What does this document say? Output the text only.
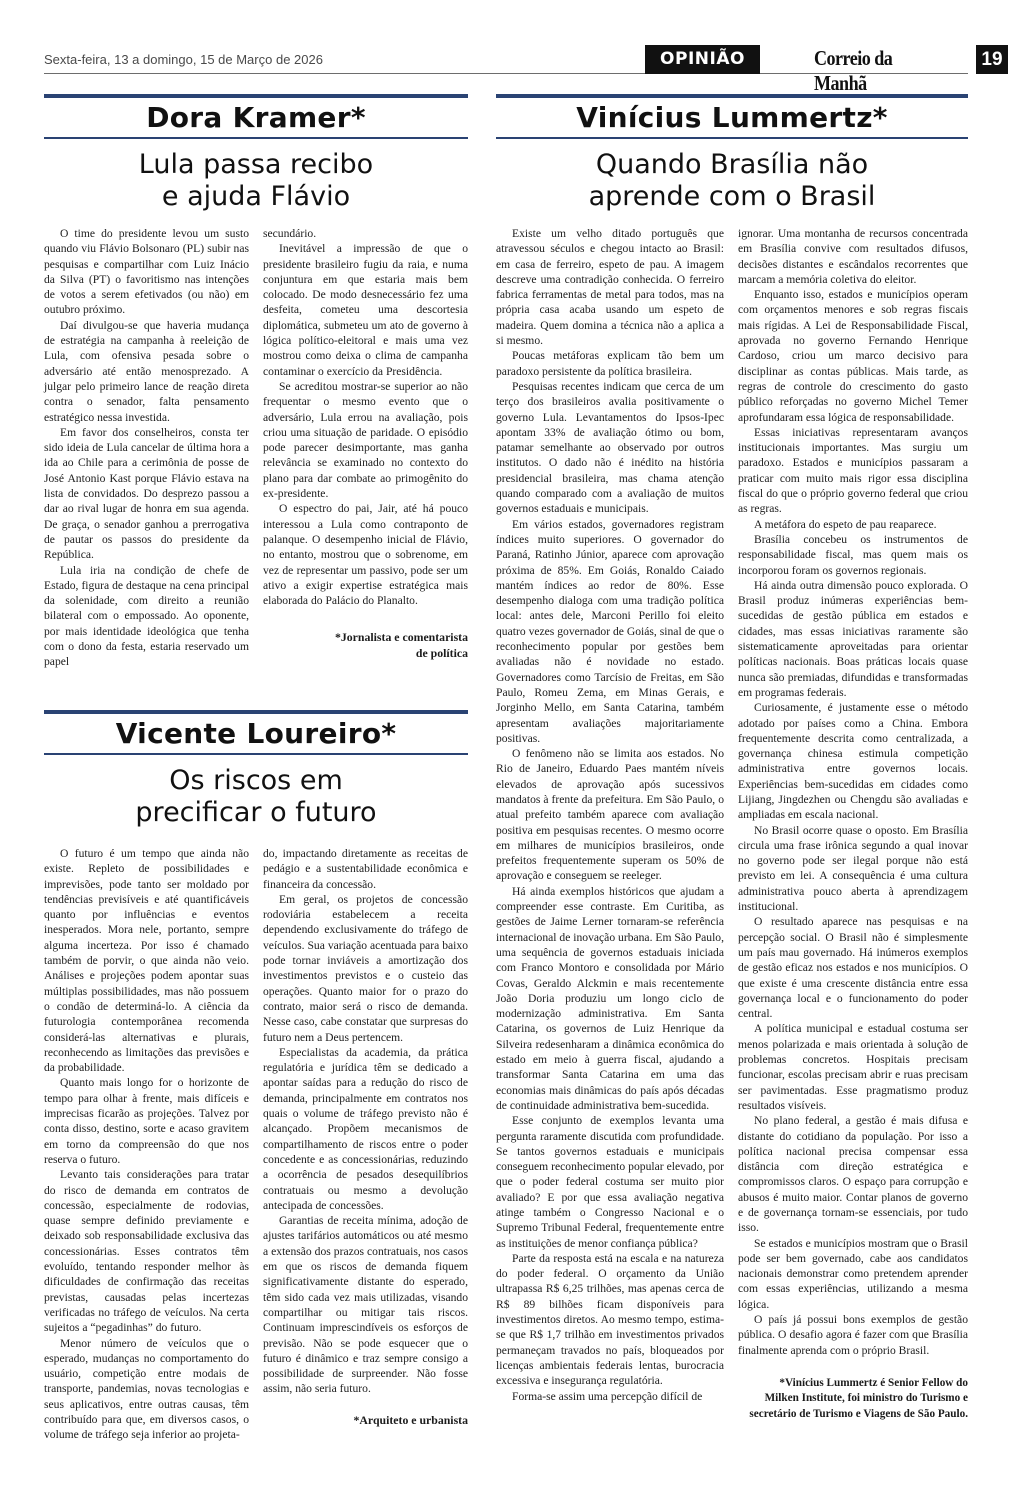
Sexta-feira, 13 a domingo, 15 de Março de 2026	OPINIÃO	Correio da Manhã
19
Dora Kramer*
Lula passa recibo
e ajuda Flávio

O time do presidente levou um susto quando viu Flávio Bolsonaro (PL) subir nas pesquisas e compartilhar com Luiz Inácio da Silva (PT) o favoritismo nas intenções de votos a serem efetivados (ou não) em outubro próximo.

Daí divulgou-se que haveria mudança de estratégia na campanha à reeleição de Lula, com ofensiva pesada sobre o adversário até então menosprezado. A julgar pelo primeiro lance de reação direta contra o senador, falta pensamento estratégico nessa investida.

Em favor dos conselheiros, consta ter sido ideia de Lula cancelar de última hora a ida ao Chile para a cerimônia de posse de José Antonio Kast porque Flávio estava na lista de convidados. Do desprezo passou a dar ao rival lugar de honra em sua agenda. De graça, o senador ganhou a prerrogativa de pautar os passos do presidente da República.

Lula iria na condição de chefe de Estado, figura de destaque na cena principal da solenidade, com direito a reunião bilateral com o empossado. Ao oponente, por mais identidade ideológica que tenha com o dono da festa, estaria reservado um papel

secundário.

Inevitável a impressão de que o presidente brasileiro fugiu da raia, e numa conjuntura em que estaria mais bem colocado. De modo desnecessário fez uma desfeita, cometeu uma descortesia diplomática, submeteu um ato de governo à lógica político-eleitoral e mais uma vez mostrou como deixa o clima de campanha contaminar o exercício da Presidência.

Se acreditou mostrar-se superior ao não frequentar o mesmo evento que o adversário, Lula errou na avaliação, pois criou uma situação de paridade. O episódio pode parecer desimportante, mas ganha relevância se examinado no contexto do plano para dar combate ao primogênito do ex-presidente.

O espectro do pai, Jair, até há pouco interessou a Lula como contraponto de palanque. O desempenho inicial de Flávio, no entanto, mostrou que o sobrenome, em vez de representar um passivo, pode ser um ativo a exigir expertise estratégica mais elaborada do Palácio do Planalto.

*Jornalista e comentarista
de política
Vicente Loureiro*
Os riscos em
precificar o futuro

O futuro é um tempo que ainda não existe. Repleto de possibilidades e imprevisões, pode tanto ser moldado por tendências previsíveis e até quantificáveis quanto por influências e eventos inesperados. Mora nele, portanto, sempre alguma incerteza. Por isso é chamado também de porvir, o que ainda não veio. Análises e projeções podem apontar suas múltiplas possibilidades, mas não possuem o condão de determiná-lo. A ciência da futurologia contemporânea recomenda considerá-las alternativas e plurais, reconhecendo as limitações das previsões e da probabilidade.

Quanto mais longo for o horizonte de tempo para olhar à frente, mais difíceis e imprecisas ficarão as projeções. Talvez por conta disso, destino, sorte e acaso gravitem em torno da compreensão do que nos reserva o futuro.

Levanto tais considerações para tratar do risco de demanda em contratos de concessão, especialmente de rodovias, quase sempre definido previamente e deixado sob responsabilidade exclusiva das concessionárias. Esses contratos têm evoluído, tentando responder melhor às dificuldades de confirmação das receitas previstas, causadas pelas incertezas verificadas no tráfego de veículos. Na certa sujeitos a “pegadinhas” do futuro.

Menor número de veículos que o esperado, mudanças no comportamento do usuário, competição entre modais de transporte, pandemias, novas tecnologias e seus aplicativos, entre outras causas, têm contribuído para que, em diversos casos, o volume de tráfego seja inferior ao projeta-

do, impactando diretamente as receitas de pedágio e a sustentabilidade econômica e financeira da concessão.

Em geral, os projetos de concessão rodoviária estabelecem a receita dependendo exclusivamente do tráfego de veículos. Sua variação acentuada para baixo pode tornar inviáveis a amortização dos investimentos previstos e o custeio das operações. Quanto maior for o prazo do contrato, maior será o risco de demanda. Nesse caso, cabe constatar que surpresas do futuro nem a Deus pertencem.

Especialistas da academia, da prática regulatória e jurídica têm se dedicado a apontar saídas para a redução do risco de demanda, principalmente em contratos nos quais o volume de tráfego previsto não é alcançado. Propõem mecanismos de compartilhamento de riscos entre o poder concedente e as concessionárias, reduzindo a ocorrência de pesados desequilíbrios contratuais ou mesmo a devolução antecipada de concessões.

Garantias de receita mínima, adoção de ajustes tarifários automáticos ou até mesmo a extensão dos prazos contratuais, nos casos em que os riscos de demanda fiquem significativamente distante do esperado, têm sido cada vez mais utilizadas, visando compartilhar ou mitigar tais riscos. Continuam imprescindíveis os esforços de previsão. Não se pode esquecer que o futuro é dinâmico e traz sempre consigo a possibilidade de surpreender. Não fosse assim, não seria futuro.

*Arquiteto e urbanista
Vinícius Lummertz*
Quando Brasília não
aprende com o Brasil

Existe um velho ditado português que atravessou séculos e chegou intacto ao Brasil: em casa de ferreiro, espeto de pau. A imagem descreve uma contradição conhecida. O ferreiro fabrica ferramentas de metal para todos, mas na própria casa acaba usando um espeto de madeira. Quem domina a técnica não a aplica a si mesmo.

Poucas metáforas explicam tão bem um paradoxo persistente da política brasileira.

Pesquisas recentes indicam que cerca de um terço dos brasileiros avalia positivamente o governo Lula. Levantamentos do Ipsos-Ipec apontam 33% de avaliação ótimo ou bom, patamar semelhante ao observado por outros institutos. O dado não é inédito na história presidencial brasileira, mas chama atenção quando comparado com a avaliação de muitos governos estaduais e municipais.

Em vários estados, governadores registram índices muito superiores. O governador do Paraná, Ratinho Júnior, aparece com aprovação próxima de 85%. Em Goiás, Ronaldo Caiado mantém índices ao redor de 80%. Esse desempenho dialoga com uma tradição política local: antes dele, Marconi Perillo foi eleito quatro vezes governador de Goiás, sinal de que o reconhecimento popular por gestões bem avaliadas não é novidade no estado. Governadores como Tarcísio de Freitas, em São Paulo, Romeu Zema, em Minas Gerais, e Jorginho Mello, em Santa Catarina, também apresentam avaliações majoritariamente positivas.

O fenômeno não se limita aos estados. No Rio de Janeiro, Eduardo Paes mantém níveis elevados de aprovação após sucessivos mandatos à frente da prefeitura. Em São Paulo, o atual prefeito também aparece com avaliação positiva em pesquisas recentes. O mesmo ocorre em milhares de municípios brasileiros, onde prefeitos frequentemente superam os 50% de aprovação e conseguem se reeleger.

Há ainda exemplos históricos que ajudam a compreender esse contraste. Em Curitiba, as gestões de Jaime Lerner tornaram-se referência internacional de inovação urbana. Em São Paulo, uma sequência de governos estaduais iniciada com Franco Montoro e consolidada por Mário Covas, Geraldo Alckmin e mais recentemente João Doria produziu um longo ciclo de modernização administrativa. Em Santa Catarina, os governos de Luiz Henrique da Silveira redesenharam a dinâmica econômica do estado em meio à guerra fiscal, ajudando a transformar Santa Catarina em uma das economias mais dinâmicas do país após décadas de continuidade administrativa bem-sucedida.

Esse conjunto de exemplos levanta uma pergunta raramente discutida com profundidade. Se tantos governos estaduais e municipais conseguem reconhecimento popular elevado, por que o poder federal costuma ser muito pior avaliado? E por que essa avaliação negativa atinge também o Congresso Nacional e o Supremo Tribunal Federal, frequentemente entre as instituições de menor confiança pública?

Parte da resposta está na escala e na natureza do poder federal. O orçamento da União ultrapassa R$ 6,25 trilhões, mas apenas cerca de R$ 89 bilhões ficam disponíveis para investimentos diretos. Ao mesmo tempo, estima-se que R$ 1,7 trilhão em investimentos privados permaneçam travados no país, bloqueados por licenças ambientais federais lentas, burocracia excessiva e insegurança regulatória.

Forma-se assim uma percepção difícil de

ignorar. Uma montanha de recursos concentrada em Brasília convive com resultados difusos, decisões distantes e escândalos recorrentes que marcam a memória coletiva do eleitor.

Enquanto isso, estados e municípios operam com orçamentos menores e sob regras fiscais mais rígidas. A Lei de Responsabilidade Fiscal, aprovada no governo Fernando Henrique Cardoso, criou um marco decisivo para disciplinar as contas públicas. Mais tarde, as regras de controle do crescimento do gasto público reforçadas no governo Michel Temer aprofundaram essa lógica de responsabilidade.

Essas iniciativas representaram avanços institucionais importantes. Mas surgiu um paradoxo. Estados e municípios passaram a praticar com muito mais rigor essa disciplina fiscal do que o próprio governo federal que criou as regras.

A metáfora do espeto de pau reaparece.

Brasília concebeu os instrumentos de responsabilidade fiscal, mas quem mais os incorporou foram os governos regionais.

Há ainda outra dimensão pouco explorada. O Brasil produz inúmeras experiências bem-sucedidas de gestão pública em estados e cidades, mas essas iniciativas raramente são sistematicamente aproveitadas para orientar políticas nacionais. Boas práticas locais quase nunca são premiadas, difundidas e transformadas em programas federais.

Curiosamente, é justamente esse o método adotado por países como a China. Embora frequentemente descrita como centralizada, a governança chinesa estimula competição administrativa entre governos locais. Experiências bem-sucedidas em cidades como Lijiang, Jingdezhen ou Chengdu são avaliadas e ampliadas em escala nacional.

No Brasil ocorre quase o oposto. Em Brasília circula uma frase irônica segundo a qual inovar no governo pode ser ilegal porque não está previsto em lei. A consequência é uma cultura administrativa pouco aberta à aprendizagem institucional.

O resultado aparece nas pesquisas e na percepção social. O Brasil não é simplesmente um país mau governado. Há inúmeros exemplos de gestão eficaz nos estados e nos municípios. O que existe é uma crescente distância entre essa governança local e o funcionamento do poder central.

A política municipal e estadual costuma ser menos polarizada e mais orientada à solução de problemas concretos. Hospitais precisam funcionar, escolas precisam abrir e ruas precisam ser pavimentadas. Esse pragmatismo produz resultados visíveis.

No plano federal, a gestão é mais difusa e distante do cotidiano da população. Por isso a política nacional precisa compensar essa distância com direção estratégica e compromissos claros. O espaço para corrupção e abusos é muito maior. Contar planos de governo e de governança tornam-se essenciais, por tudo isso.

Se estados e municípios mostram que o Brasil pode ser bem governado, cabe aos candidatos nacionais demonstrar como pretendem aprender com essas experiências, utilizando a mesma lógica.

O país já possui bons exemplos de gestão pública. O desafio agora é fazer com que Brasília finalmente aprenda com o próprio Brasil.

*Vinícius Lummertz é Senior Fellow do
Milken Institute, foi ministro do Turismo e
secretário de Turismo e Viagens de São Paulo.
